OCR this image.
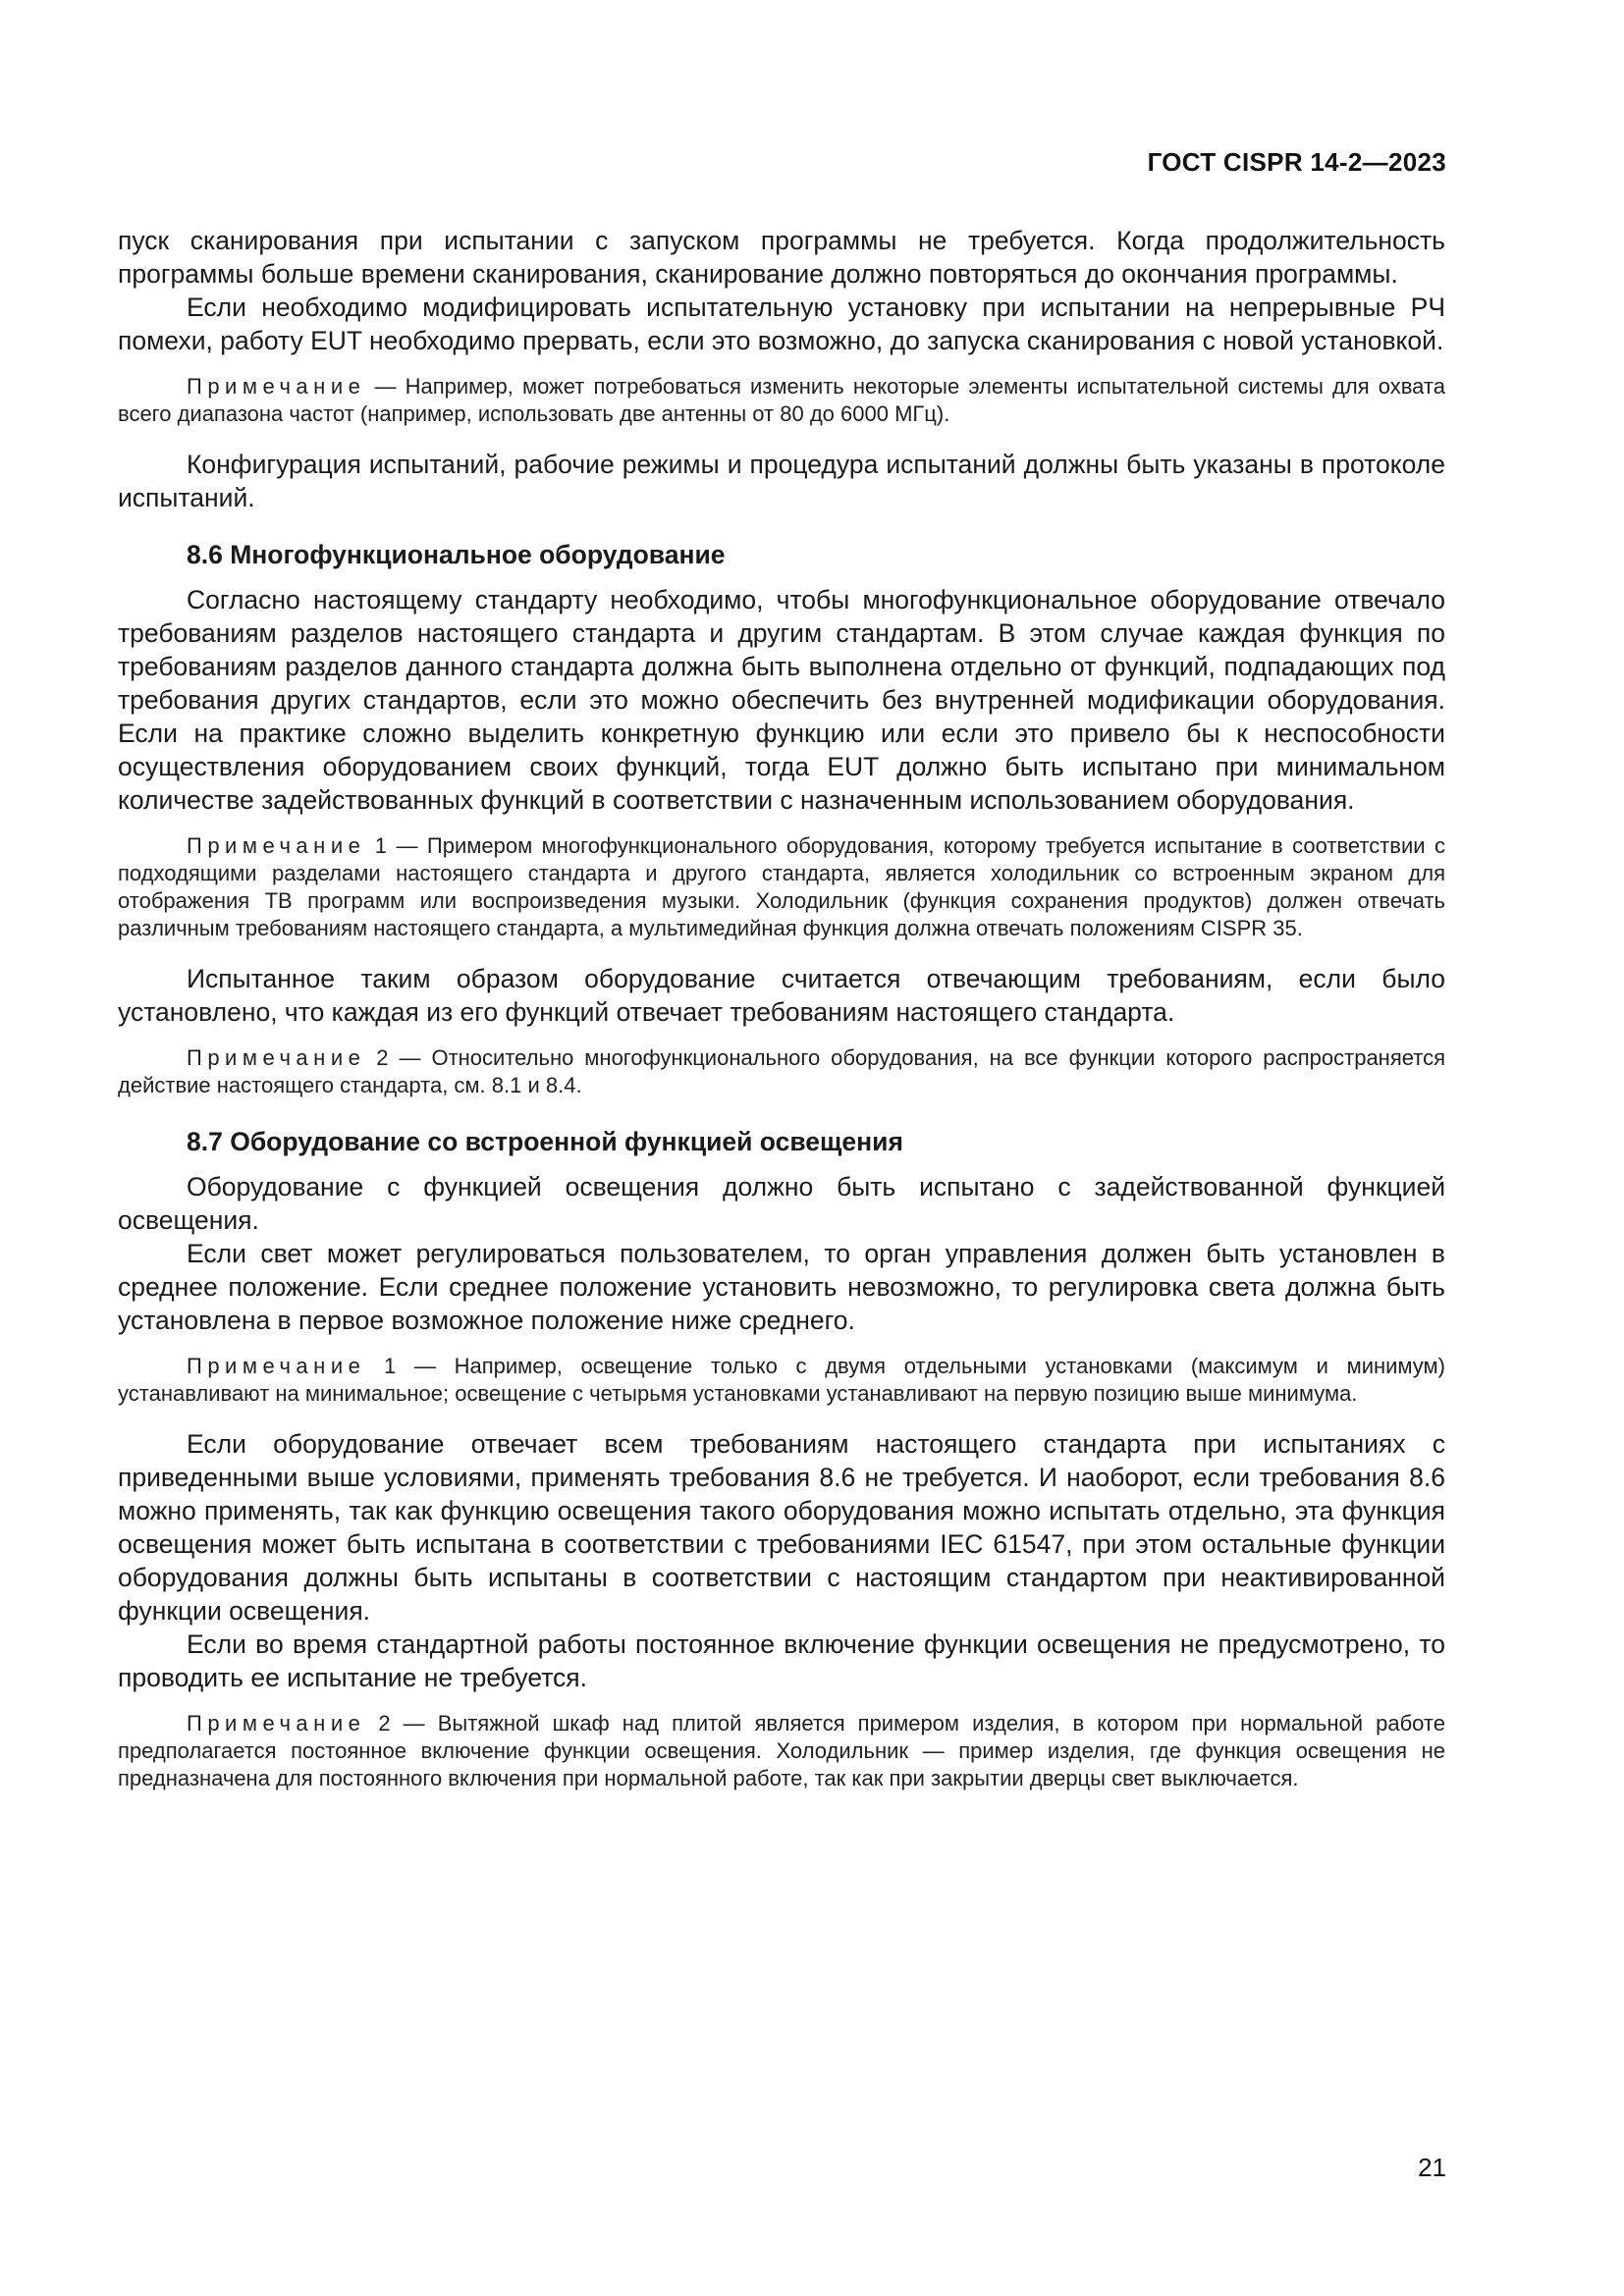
ГОСТ CISPR 14-2—2023

пуск сканирования при испытании с запуском программы не требуется. Когда продолжительность программы больше времени сканирования, сканирование должно повторяться до окончания программы.

Если необходимо модифицировать испытательную установку при испытании на непрерывные РЧ помехи, работу EUT необходимо прервать, если это возможно, до запуска сканирования с новой установкой.

Примечание — Например, может потребоваться изменить некоторые элементы испытательной системы для охвата всего диапазона частот (например, использовать две антенны от 80 до 6000 МГц).

Конфигурация испытаний, рабочие режимы и процедура испытаний должны быть указаны в протоколе испытаний.

8.6 Многофункциональное оборудование

Согласно настоящему стандарту необходимо, чтобы многофункциональное оборудование отвечало требованиям разделов настоящего стандарта и другим стандартам. В этом случае каждая функция по требованиям разделов данного стандарта должна быть выполнена отдельно от функций, подпадающих под требования других стандартов, если это можно обеспечить без внутренней модификации оборудования. Если на практике сложно выделить конкретную функцию или если это привело бы к неспособности осуществления оборудованием своих функций, тогда EUT должно быть испытано при минимальном количестве задействованных функций в соответствии с назначенным использованием оборудования.

Примечание 1 — Примером многофункционального оборудования, которому требуется испытание в соответствии с подходящими разделами настоящего стандарта и другого стандарта, является холодильник со встроенным экраном для отображения ТВ программ или воспроизведения музыки. Холодильник (функция сохранения продуктов) должен отвечать различным требованиям настоящего стандарта, а мультимедийная функция должна отвечать положениям CISPR 35.

Испытанное таким образом оборудование считается отвечающим требованиям, если было установлено, что каждая из его функций отвечает требованиям настоящего стандарта.

Примечание 2 — Относительно многофункционального оборудования, на все функции которого распространяется действие настоящего стандарта, см. 8.1 и 8.4.
8.7 Оборудование со встроенной функцией освещения

Оборудование с функцией освещения должно быть испытано с задействованной функцией освещения.

Если свет может регулироваться пользователем, то орган управления должен быть установлен в среднее положение. Если среднее положение установить невозможно, то регулировка света должна быть установлена в первое возможное положение ниже среднего.

Примечание 1 — Например, освещение только с двумя отдельными установками (максимум и минимум) устанавливают на минимальное; освещение с четырьмя установками устанавливают на первую позицию выше минимума.

Если оборудование отвечает всем требованиям настоящего стандарта при испытаниях с приведенными выше условиями, применять требования 8.6 не требуется. И наоборот, если требования 8.6 можно применять, так как функцию освещения такого оборудования можно испытать отдельно, эта функция освещения может быть испытана в соответствии с требованиями IEC 61547, при этом остальные функции оборудования должны быть испытаны в соответствии с настоящим стандартом при неактивированной функции освещения.

Если во время стандартной работы постоянное включение функции освещения не предусмотрено, то проводить ее испытание не требуется.

Примечание 2 — Вытяжной шкаф над плитой является примером изделия, в котором при нормальной работе предполагается постоянное включение функции освещения. Холодильник — пример изделия, где функция освещения не предназначена для постоянного включения при нормальной работе, так как при закрытии дверцы свет выключается.
21
